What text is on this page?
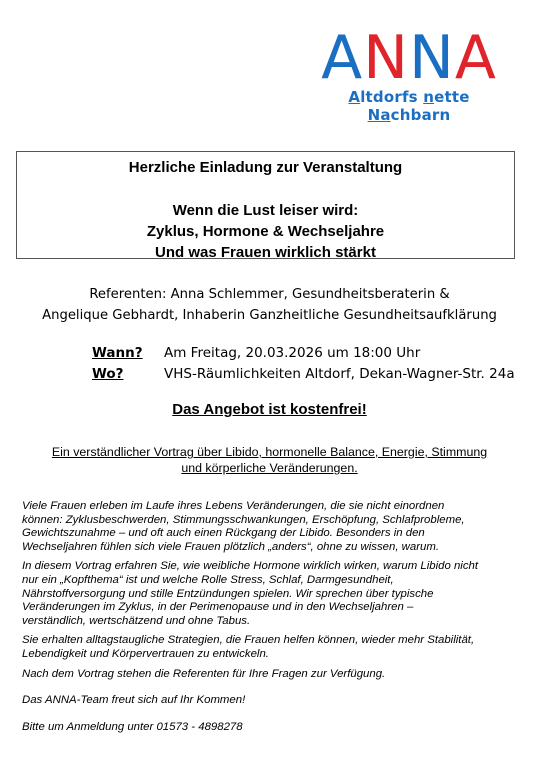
ANNA
Altdorfs nette Nachbarn
Herzliche Einladung zur Veranstaltung
Wenn die Lust leiser wird:
Zyklus, Hormone & Wechseljahre
Und was Frauen wirklich stärkt
Referenten: Anna Schlemmer, Gesundheitsberaterin &
Angelique Gebhardt, Inhaberin Ganzheitliche Gesundheitsaufklärung
Wann?	Am Freitag, 20.03.2026 um 18:00 Uhr
Wo?	VHS-Räumlichkeiten Altdorf, Dekan-Wagner-Str. 24a
Das Angebot ist kostenfrei!
Ein verständlicher Vortrag über Libido, hormonelle Balance, Energie, Stimmung
und körperliche Veränderungen.

Viele Frauen erleben im Laufe ihres Lebens Veränderungen, die sie nicht einordnen
können: Zyklusbeschwerden, Stimmungsschwankungen, Erschöpfung, Schlafprobleme,
Gewichtszunahme – und oft auch einen Rückgang der Libido. Besonders in den
Wechseljahren fühlen sich viele Frauen plötzlich „anders“, ohne zu wissen, warum.

In diesem Vortrag erfahren Sie, wie weibliche Hormone wirklich wirken, warum Libido nicht
nur ein „Kopfthema“ ist und welche Rolle Stress, Schlaf, Darmgesundheit,
Nährstoffversorgung und stille Entzündungen spielen. Wir sprechen über typische
Veränderungen im Zyklus, in der Perimenopause und in den Wechseljahren –
verständlich, wertschätzend und ohne Tabus.

Sie erhalten alltagstaugliche Strategien, die Frauen helfen können, wieder mehr Stabilität,
Lebendigkeit und Körpervertrauen zu entwickeln.

Nach dem Vortrag stehen die Referenten für Ihre Fragen zur Verfügung.

Das ANNA-Team freut sich auf Ihr Kommen!

Bitte um Anmeldung unter 01573 - 4898278
